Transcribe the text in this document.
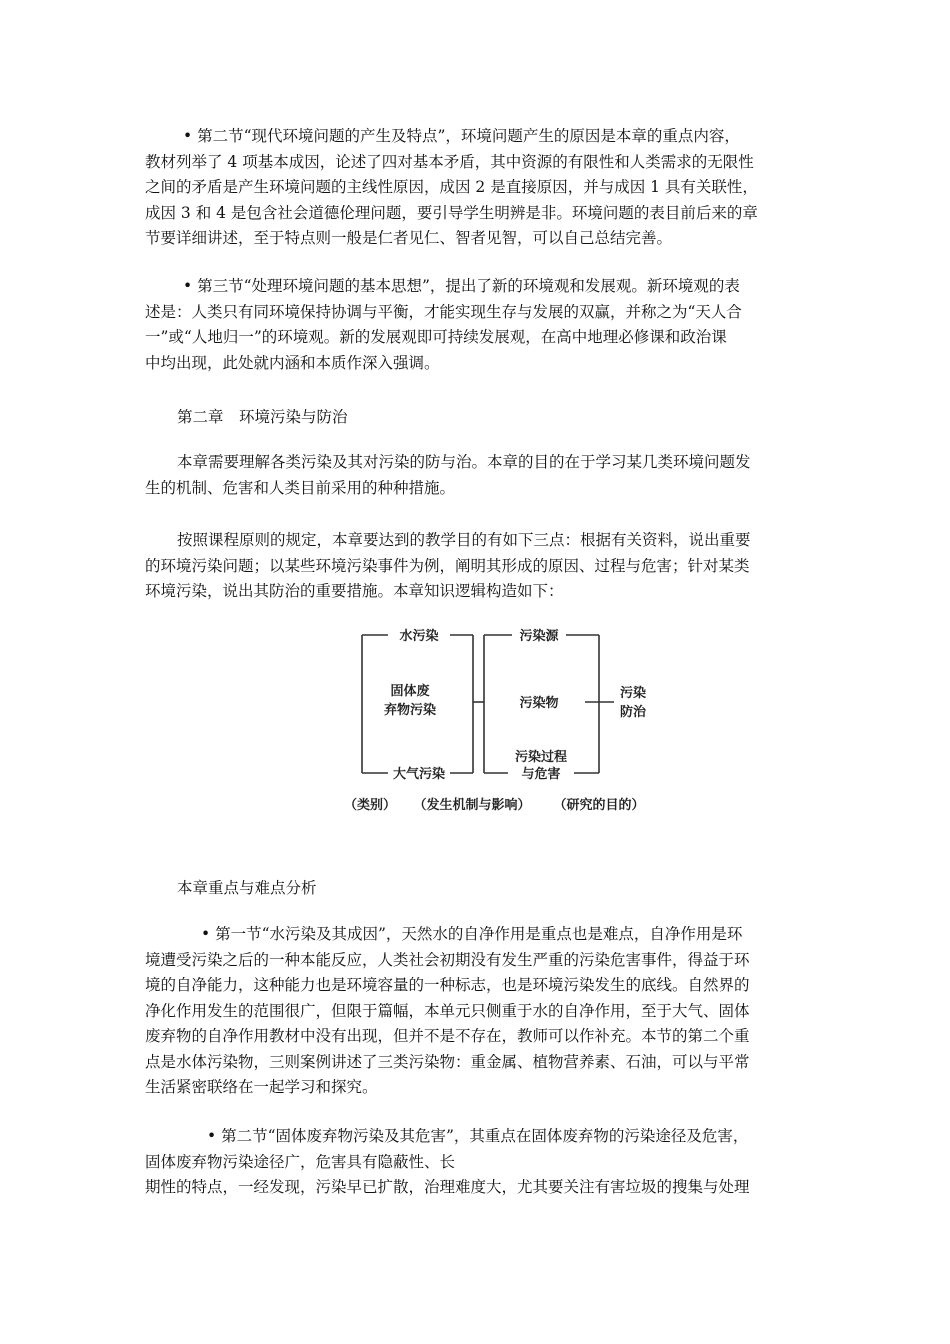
• 第二节“现代环境问题的产生及特点”，环境问题产生的原因是本章的重点内容，
教材列举了 4 项基本成因，论述了四对基本矛盾，其中资源的有限性和人类需求的无限性
之间的矛盾是产生环境问题的主线性原因，成因 2 是直接原因，并与成因 1 具有关联性，
成因 3 和 4 是包含社会道德伦理问题，要引导学生明辨是非。环境问题的表目前后来的章
节要详细讲述，至于特点则一般是仁者见仁、智者见智，可以自己总结完善。

• 第三节“处理环境问题的基本思想”，提出了新的环境观和发展观。新环境观的表
述是：人类只有同环境保持协调与平衡，才能实现生存与发展的双赢，并称之为“天人合
一”或“人地归一”的环境观。新的发展观即可持续发展观，在高中地理必修课和政治课
中均出现，此处就内涵和本质作深入强调。

第二章　环境污染与防治

本章需要理解各类污染及其对污染的防与治。本章的目的在于学习某几类环境问题发
生的机制、危害和人类目前采用的种种措施。

按照课程原则的规定，本章要达到的教学目的有如下三点：根据有关资料，说出重要
的环境污染问题；以某些环境污染事件为例，阐明其形成的原因、过程与危害；针对某类
环境污染，说出其防治的重要措施。本章知识逻辑构造如下：

水污染
固体废
弃物污染
大气污染
污染源
污染物
污染过程
与危害
污染
防治
（类别） （发生机制与影响） （研究的目的）
本章重点与难点分析

• 第一节“水污染及其成因”，天然水的自净作用是重点也是难点，自净作用是环
境遭受污染之后的一种本能反应，人类社会初期没有发生严重的污染危害事件，得益于环
境的自净能力，这种能力也是环境容量的一种标志，也是环境污染发生的底线。自然界的
净化作用发生的范围很广，但限于篇幅，本单元只侧重于水的自净作用，至于大气、固体
废弃物的自净作用教材中没有出现，但并不是不存在，教师可以作补充。本节的第二个重
点是水体污染物，三则案例讲述了三类污染物：重金属、植物营养素、石油，可以与平常
生活紧密联络在一起学习和探究。

• 第二节“固体废弃物污染及其危害”，其重点在固体废弃物的污染途径及危害，
固体废弃物污染途径广，危害具有隐蔽性、长
期性的特点，一经发现，污染早已扩散，治理难度大，尤其要关注有害垃圾的搜集与处理
